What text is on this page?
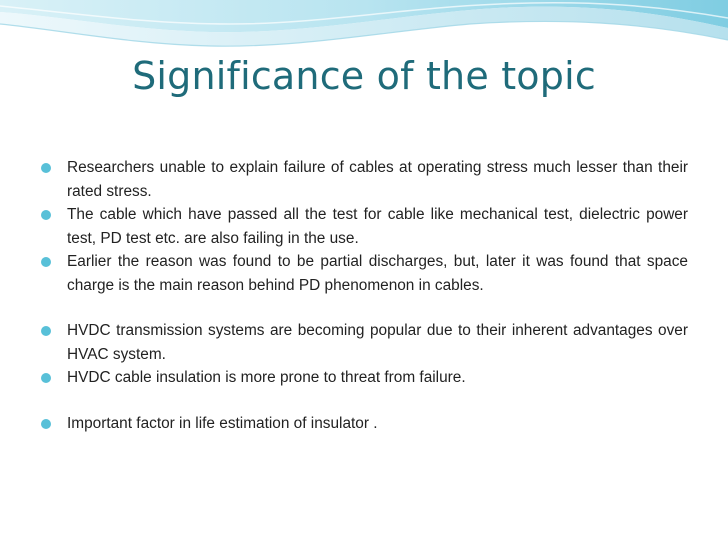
Significance of the topic
Researchers unable to explain failure of cables at operating stress much lesser than their rated stress.
The cable which have passed all the test for cable like mechanical test, dielectric power test, PD test etc. are also failing in the use.
Earlier the reason was found to be partial discharges, but, later it was found that space charge is the main reason behind PD phenomenon in cables.
HVDC transmission systems are becoming popular due to their inherent advantages over HVAC system.
HVDC cable insulation is more prone to threat from failure.
Important factor in life estimation of insulator .
